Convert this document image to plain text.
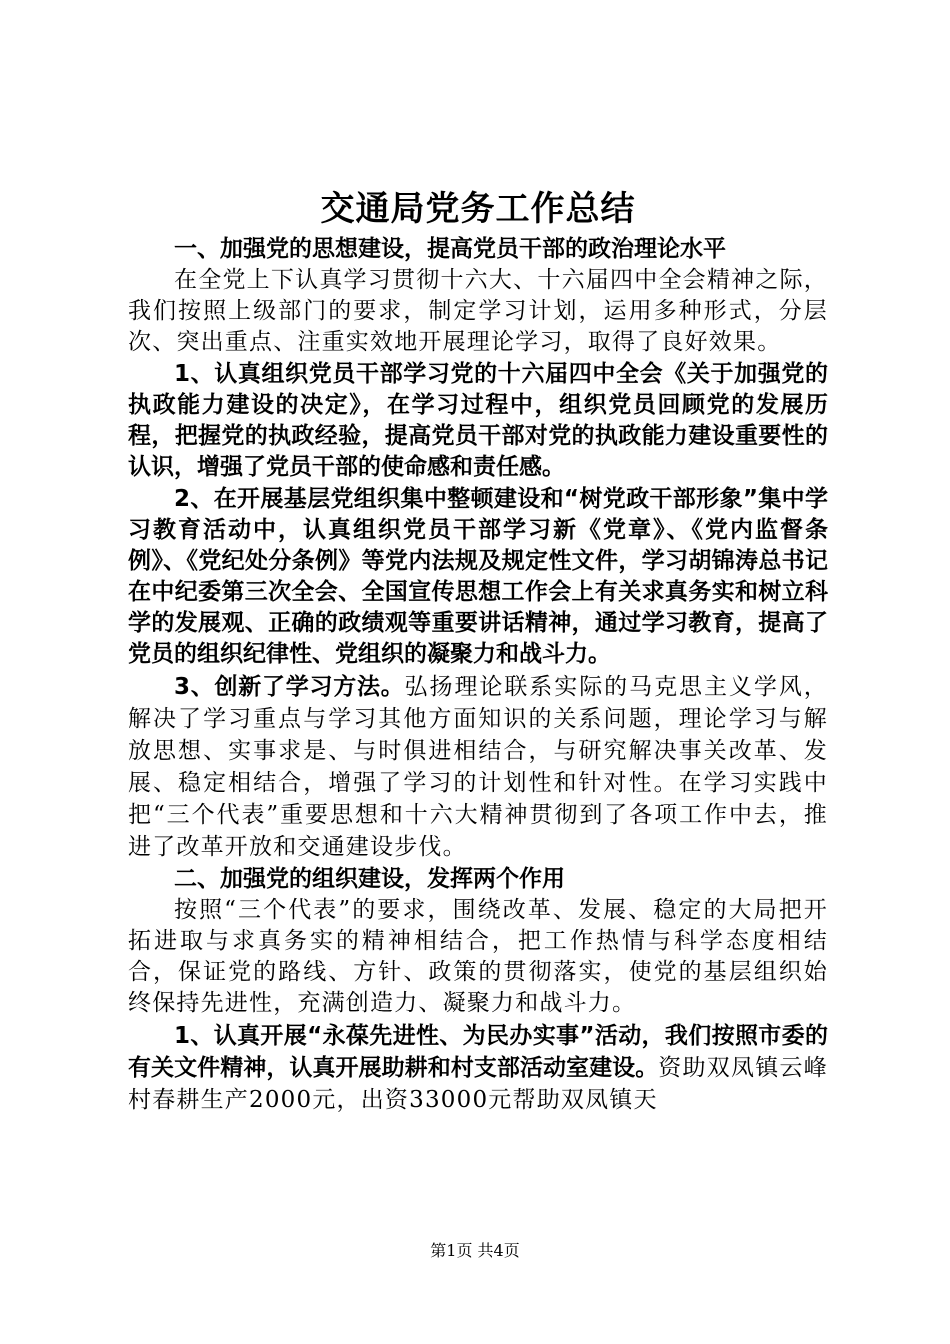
交通局党务工作总结

一、加强党的思想建设，提高党员干部的政治理论水平

在全党上下认真学习贯彻十六大、十六届四中全会精神之际，我们按照上级部门的要求，制定学习计划，运用多种形式，分层次、突出重点、注重实效地开展理论学习，取得了良好效果。

1、认真组织党员干部学习党的十六届四中全会《关于加强党的执政能力建设的决定》，在学习过程中，组织党员回顾党的发展历程，把握党的执政经验，提高党员干部对党的执政能力建设重要性的认识，增强了党员干部的使命感和责任感。

2、在开展基层党组织集中整顿建设和“树党政干部形象”集中学习教育活动中，认真组织党员干部学习新《党章》、《党内监督条例》、《党纪处分条例》等党内法规及规定性文件，学习胡锦涛总书记在中纪委第三次全会、全国宣传思想工作会上有关求真务实和树立科学的发展观、正确的政绩观等重要讲话精神，通过学习教育，提高了党员的组织纪律性、党组织的凝聚力和战斗力。

3、创新了学习方法。弘扬理论联系实际的马克思主义学风，解决了学习重点与学习其他方面知识的关系问题，理论学习与解放思想、实事求是、与时俱进相结合，与研究解决事关改革、发展、稳定相结合，增强了学习的计划性和针对性。在学习实践中把“三个代表”重要思想和十六大精神贯彻到了各项工作中去，推进了改革开放和交通建设步伐。

二、加强党的组织建设，发挥两个作用

按照“三个代表”的要求，围绕改革、发展、稳定的大局把开拓进取与求真务实的精神相结合，把工作热情与科学态度相结合，保证党的路线、方针、政策的贯彻落实，使党的基层组织始终保持先进性，充满创造力、凝聚力和战斗力。

1、认真开展“永葆先进性、为民办实事”活动，我们按照市委的有关文件精神，认真开展助耕和村支部活动室建设。资助双凤镇云峰村春耕生产2000元，出资33000元帮助双凤镇天

第1页 共4页
